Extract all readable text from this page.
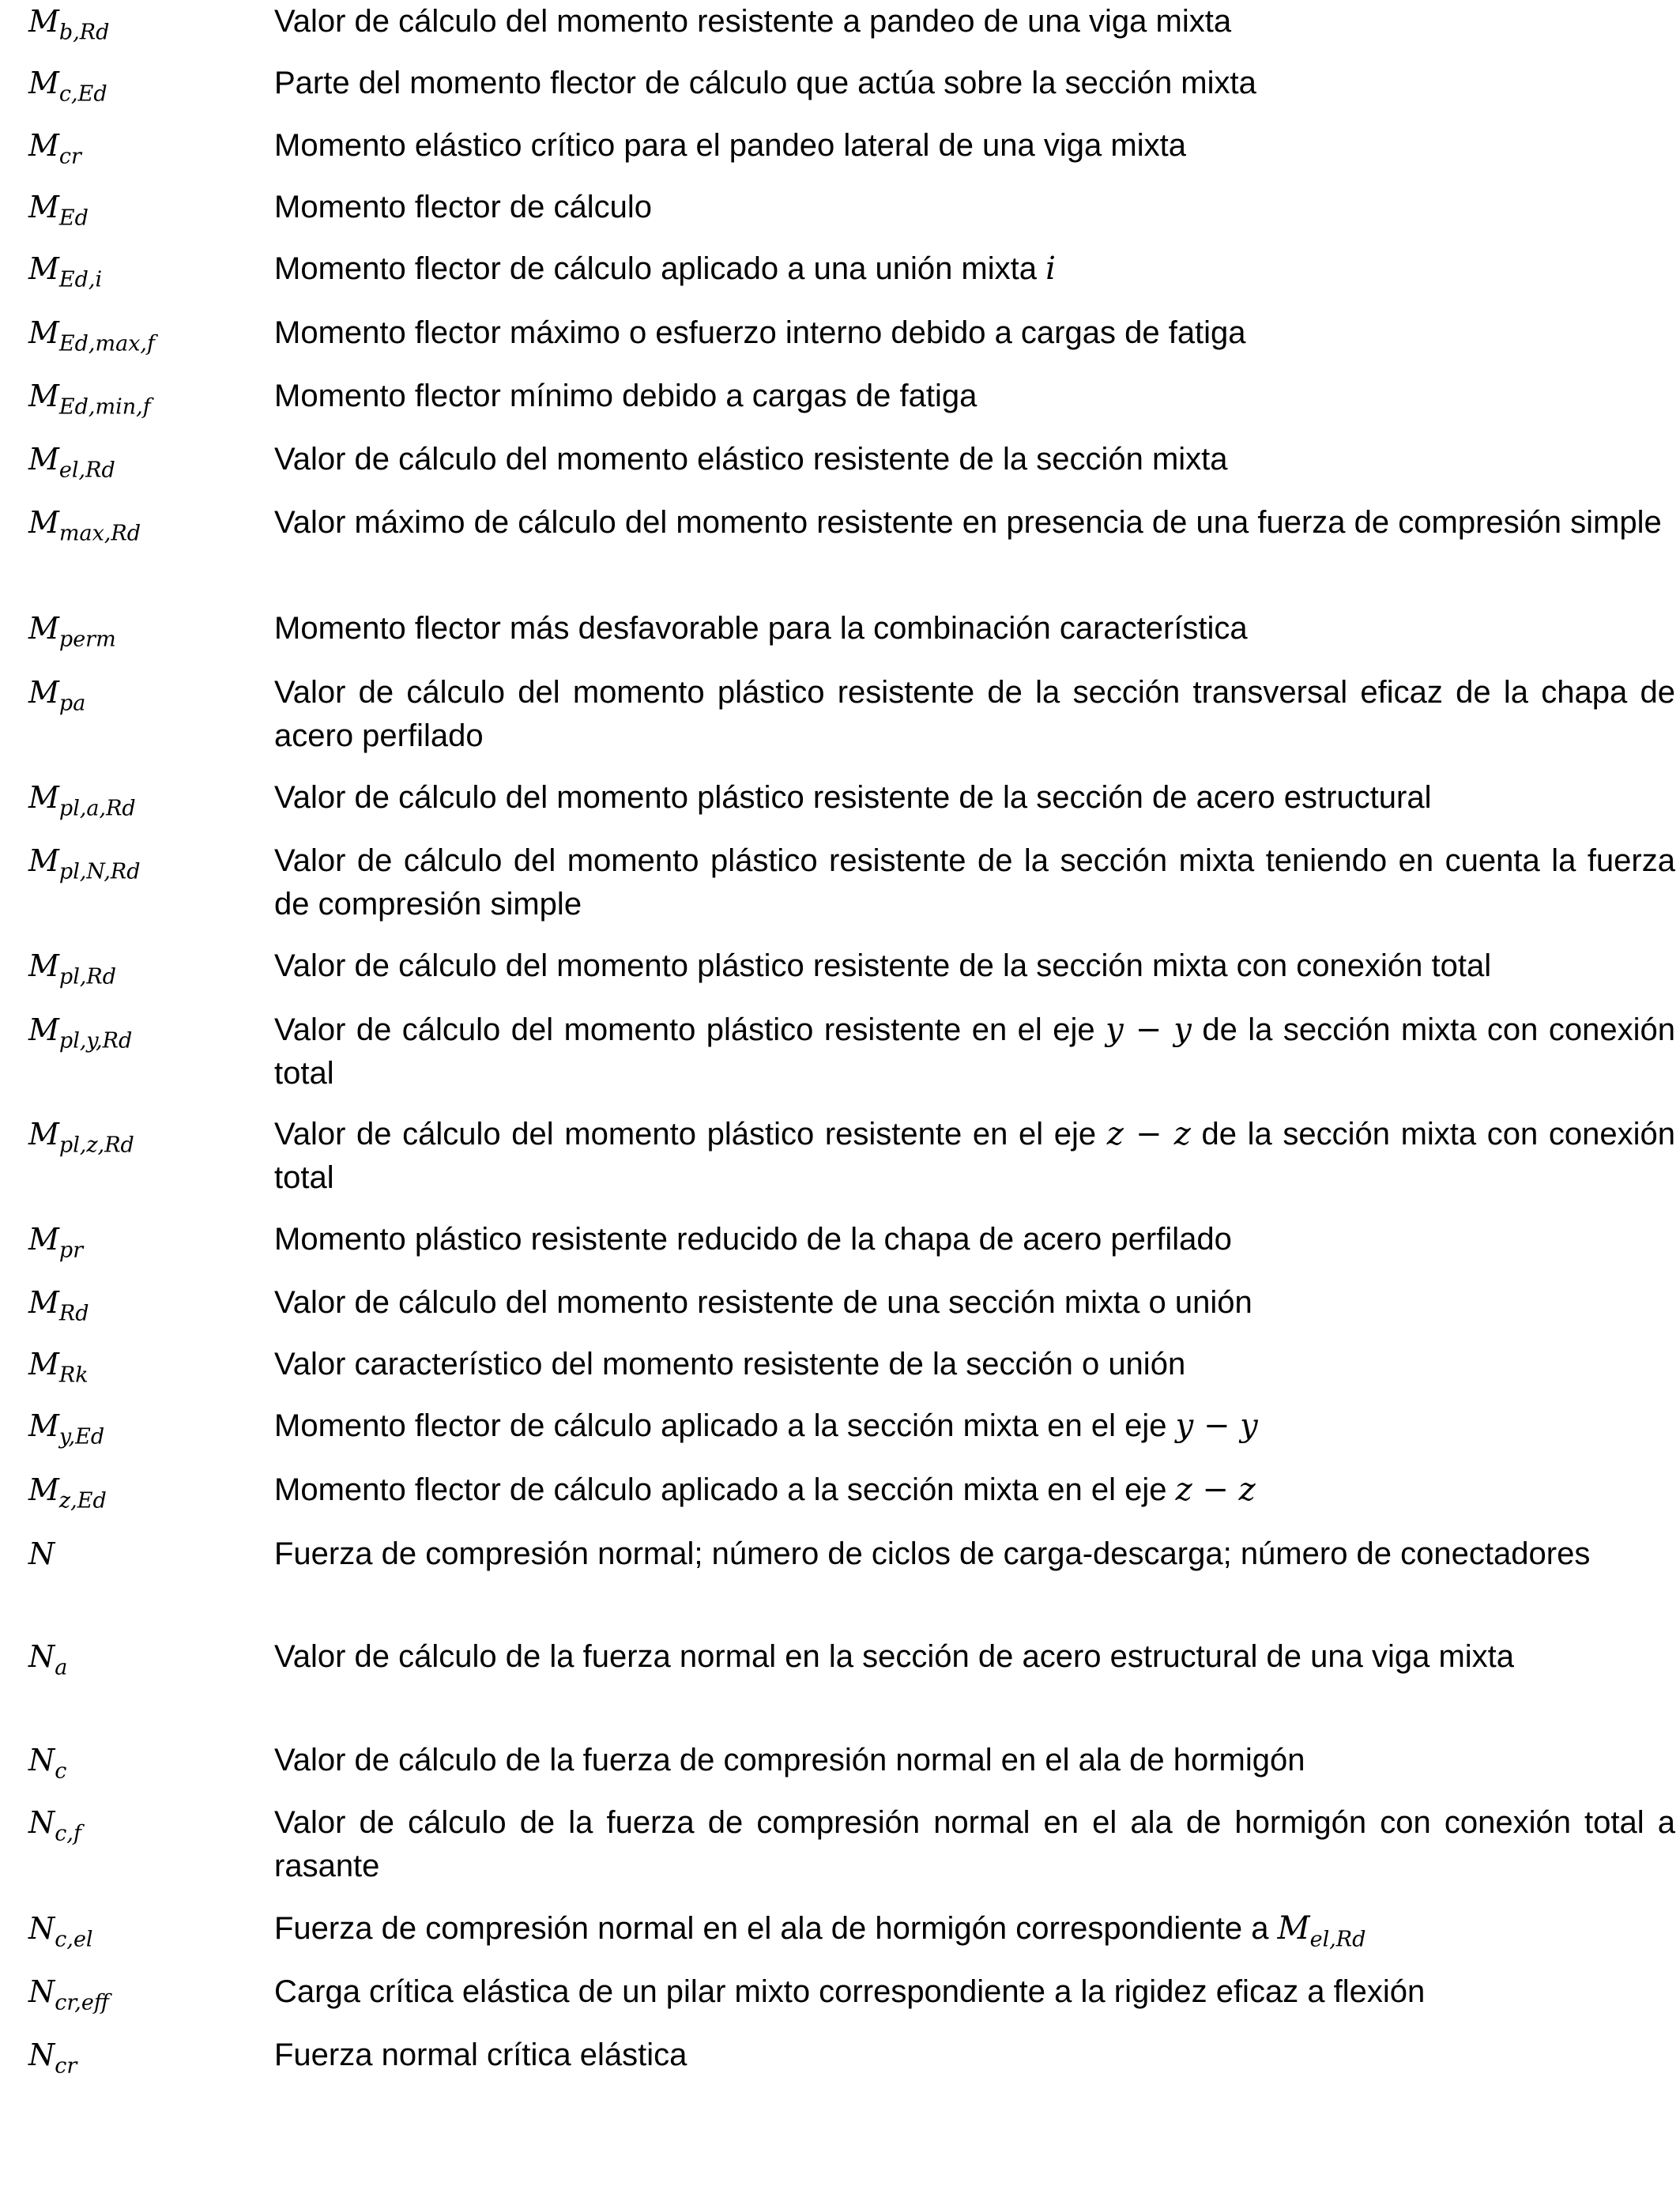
$M_{b,Rd}$	Valor de cálculo del momento resistente a pandeo de una viga mixta
$M_{c,Ed}$	Parte del momento flector de cálculo que actúa sobre la sección mixta
$M_{cr}$	Momento elástico crítico para el pandeo lateral de una viga mixta
$M_{Ed}$	Momento flector de cálculo
$M_{Ed,i}$	Momento flector de cálculo aplicado a una unión mixta i
$M_{Ed,max,f}$	Momento flector máximo o esfuerzo interno debido a cargas de fatiga
$M_{Ed,min,f}$	Momento flector mínimo debido a cargas de fatiga
$M_{el,Rd}$	Valor de cálculo del momento elástico resistente de la sección mixta
$M_{max,Rd}$	Valor máximo de cálculo del momento resistente en presencia de una fuerza de compresión simple
$M_{perm}$	Momento flector más desfavorable para la combinación característica
$M_{pa}$	Valor de cálculo del momento plástico resistente de la sección transversal eficaz de la chapa de acero perfilado
$M_{pl,a,Rd}$	Valor de cálculo del momento plástico resistente de la sección de acero estructural
$M_{pl,N,Rd}$	Valor de cálculo del momento plástico resistente de la sección mixta teniendo en cuenta la fuerza de compresión simple
$M_{pl,Rd}$	Valor de cálculo del momento plástico resistente de la sección mixta con conexión total
$M_{pl,y,Rd}$	Valor de cálculo del momento plástico resistente en el eje y − y de la sección mixta con conexión total
$M_{pl,z,Rd}$	Valor de cálculo del momento plástico resistente en el eje z − z de la sección mixta con conexión total
$M_{pr}$	Momento plástico resistente reducido de la chapa de acero perfilado
$M_{Rd}$	Valor de cálculo del momento resistente de una sección mixta o unión
$M_{Rk}$	Valor característico del momento resistente de la sección o unión
$M_{y,Ed}$	Momento flector de cálculo aplicado a la sección mixta en el eje y − y
$M_{z,Ed}$	Momento flector de cálculo aplicado a la sección mixta en el eje z − z
N	Fuerza de compresión normal; número de ciclos de carga-descarga; número de conectadores
$N_a$	Valor de cálculo de la fuerza normal en la sección de acero estructural de una viga mixta
$N_c$	Valor de cálculo de la fuerza de compresión normal en el ala de hormigón
$N_{c,f}$	Valor de cálculo de la fuerza de compresión normal en el ala de hormigón con conexión total a rasante
$N_{c,el}$	Fuerza de compresión normal en el ala de hormigón correspondiente a $M_{el,Rd}$
$N_{cr,eff}$	Carga crítica elástica de un pilar mixto correspondiente a la rigidez eficaz a flexión
$N_{cr}$	Fuerza normal crítica elástica
